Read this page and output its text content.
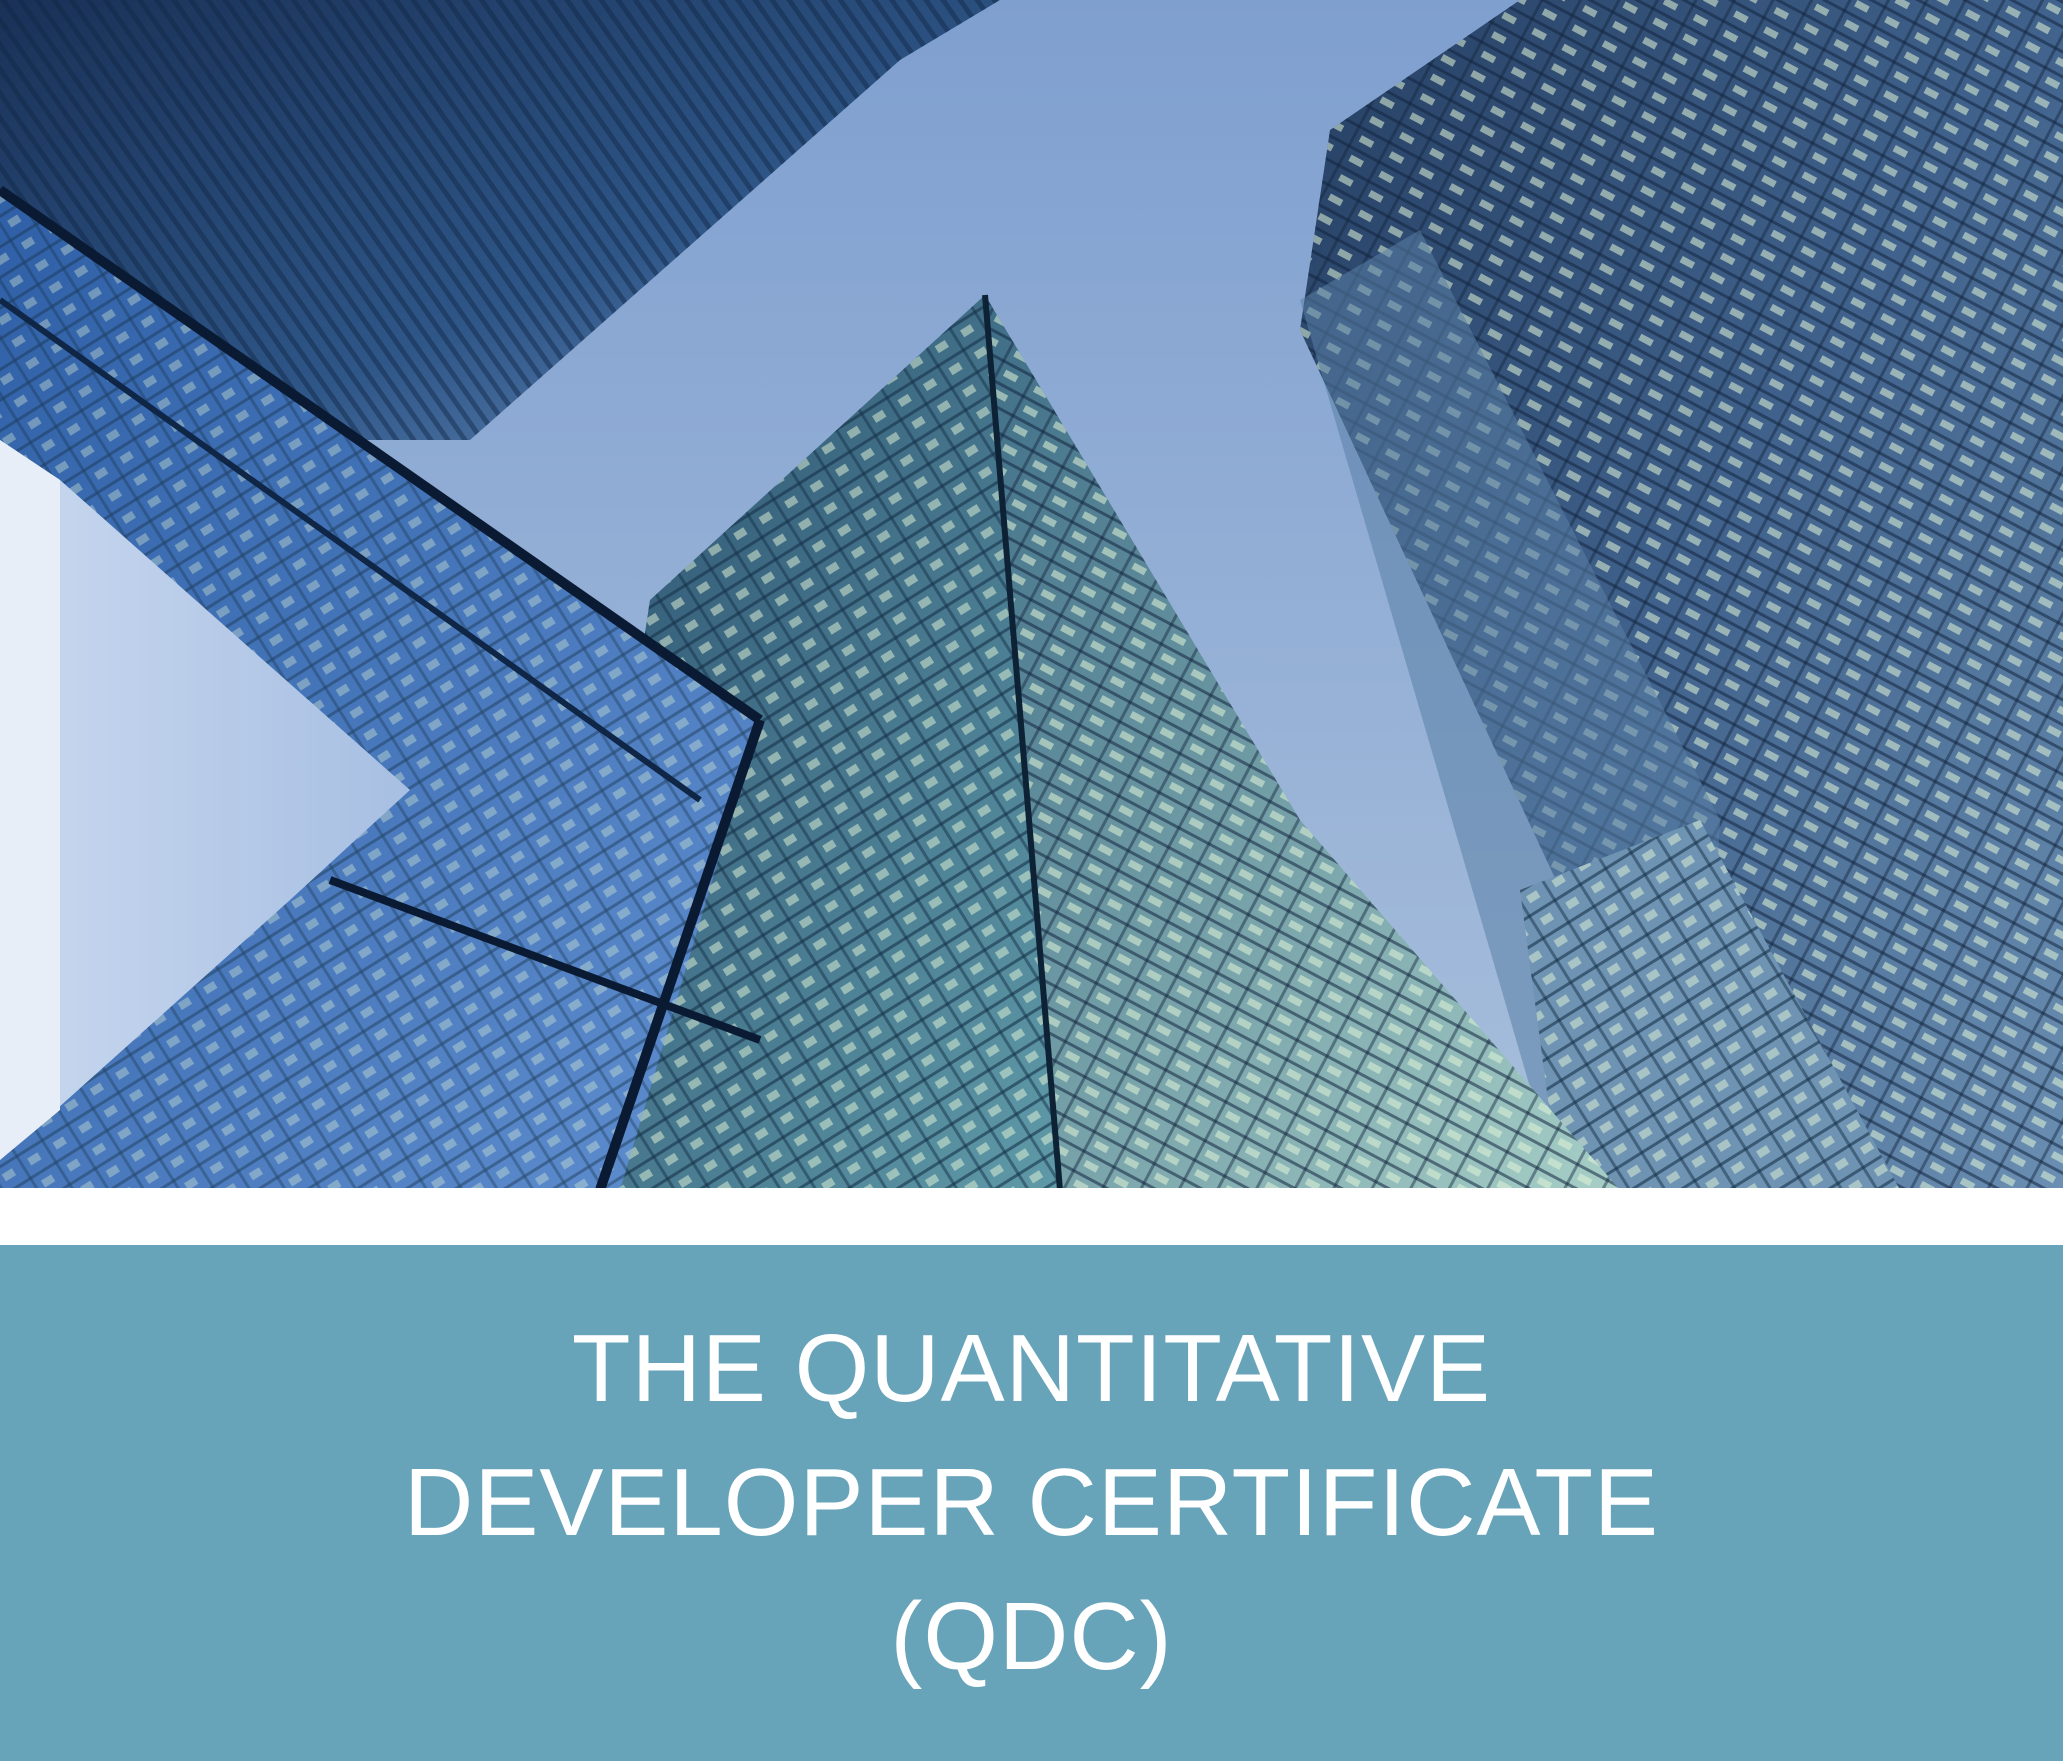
THE QUANTITATIVE
DEVELOPER CERTIFICATE
(QDC)
